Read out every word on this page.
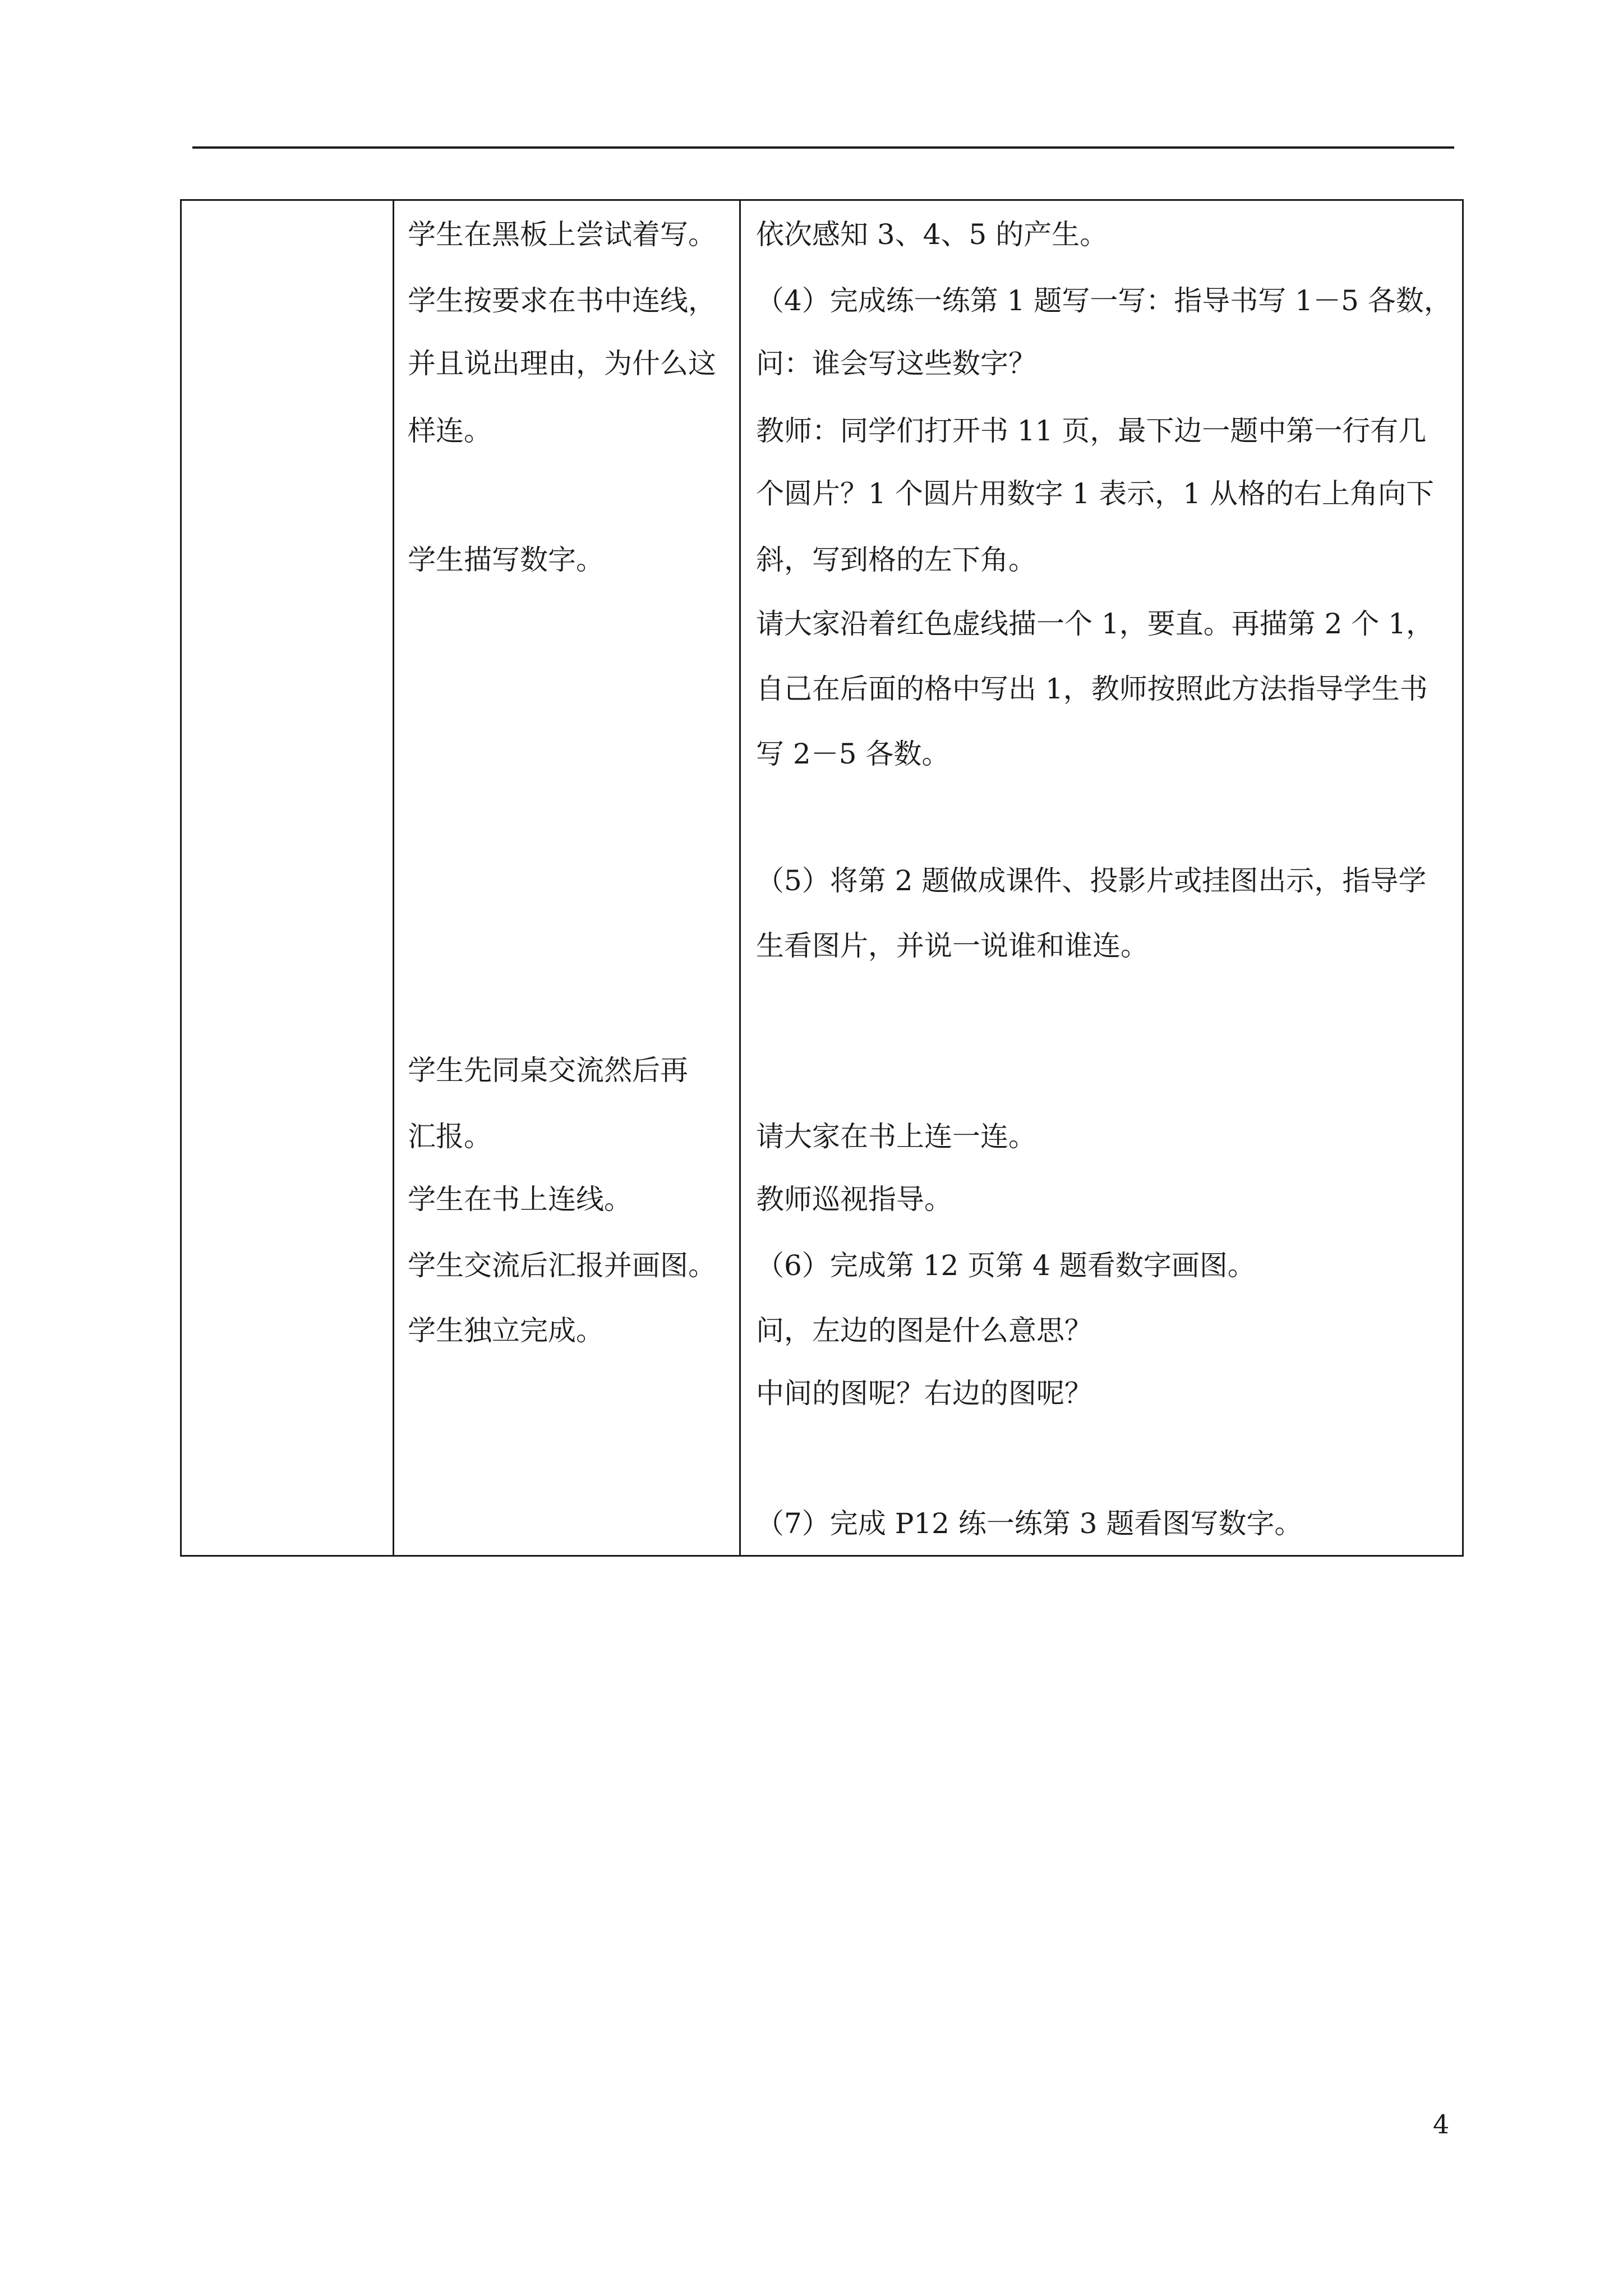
学生在黑板上尝试着写。
学生按要求在书中连线，
并且说出理由，为什么这
样连。
学生描写数字。
学生先同桌交流然后再
汇报。
学生在书上连线。
学生交流后汇报并画图。
学生独立完成。
依次感知 3、4、5 的产生。
（4）完成练一练第 1 题写一写：指导书写 1－5 各数，
问：谁会写这些数字？
教师：同学们打开书 11 页，最下边一题中第一行有几
个圆片？1 个圆片用数字 1 表示，1 从格的右上角向下
斜，写到格的左下角。
请大家沿着红色虚线描一个 1，要直。再描第 2 个 1，
自己在后面的格中写出 1，教师按照此方法指导学生书
写 2－5 各数。
（5）将第 2 题做成课件、投影片或挂图出示，指导学
生看图片，并说一说谁和谁连。
请大家在书上连一连。
教师巡视指导。
（6）完成第 12 页第 4 题看数字画图。
问，左边的图是什么意思？
中间的图呢？右边的图呢？
（7）完成 P12 练一练第 3 题看图写数字。
4
